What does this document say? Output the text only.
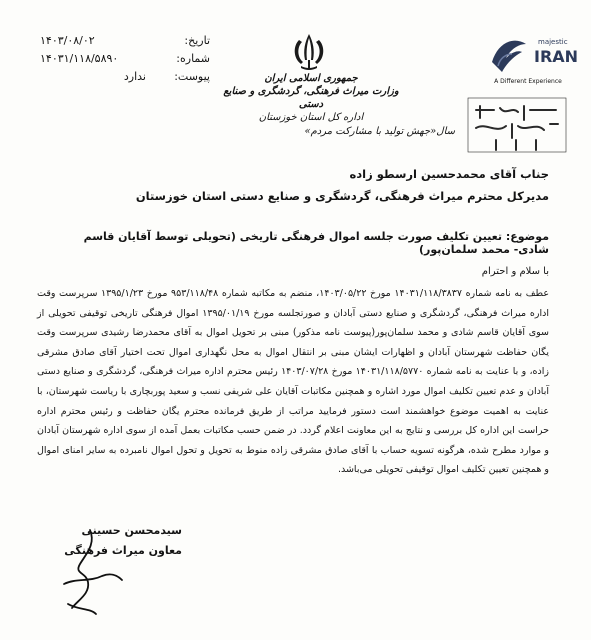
تاریخ:
۱۴۰۳/۰۸/۰۲
شماره:
۱۴۰۳۱/۱۱۸/۵۸۹۰
پیوست:
ندارد	جمهوری اسلامی ایران
وزارت میراث فرهنگی، گردشگری و صنایع دستی
اداره کل استان خوزستان
سال«جهش تولید با مشارکت مردم»
majestic
IRAN
A Different Experience
جناب آقای محمدحسین ارسطو زاده
مدیرکل محترم میراث فرهنگی، گردشگری و صنایع دستی استان خوزستان
موضوع: تعیین تکلیف صورت جلسه اموال فرهنگی تاریخی (تحویلی توسط آقایان قاسم شادی- محمد سلمان‌پور)
با سلام و احترام
عطف به نامه شماره ۱۴۰۳۱/۱۱۸/۳۸۳۷ مورخ ۱۴۰۳/۰۵/۲۲، منضم به مکاتبه شماره ۹۵۳/۱۱۸/۴۸ مورخ ۱۳۹۵/۱/۲۳ سرپرست وقت اداره میراث فرهنگی، گردشگری و صنایع دستی آبادان و صورتجلسه مورخ ۱۳۹۵/۰۱/۱۹ اموال فرهنگی تاریخی توقیفی تحویلی از سوی آقایان قاسم شادی و محمد سلمان‌پور(پیوست نامه مذکور) مبنی بر تحویل اموال به آقای محمدرضا رشیدی سرپرست وقت یگان حفاظت شهرستان آبادان و اظهارات ایشان مبنی بر انتقال اموال به محل نگهداری اموال تحت اختیار آقای صادق مشرقی زاده، و با عنایت به نامه شماره ۱۴۰۳۱/۱۱۸/۵۷۷۰ مورخ ۱۴۰۳/۰۷/۲۸ رئیس محترم اداره میراث فرهنگی، گردشگری و صنایع دستی آبادان و عدم تعیین تکلیف اموال مورد اشاره و همچنین مکاتبات آقایان علی شریفی نسب و سعید پوربچاری با ریاست شهرستان، با عنایت به اهمیت موضوع خواهشمند است دستور فرمایید مراتب از طریق فرمانده محترم یگان حفاظت و رئیس محترم اداره حراست این اداره کل بررسی و نتایج به این معاونت اعلام گردد. در ضمن حسب مکاتبات بعمل آمده از سوی اداره شهرستان آبادان و موارد مطرح شده، هرگونه تسویه حساب با آقای صادق مشرقی زاده منوط به تحویل و تحول اموال نامبرده به سایر امنای اموال و همچنین تعیین تکلیف اموال توقیفی تحویلی می‌باشد.
سیدمحسن حسینی
معاون میراث فرهنگی
